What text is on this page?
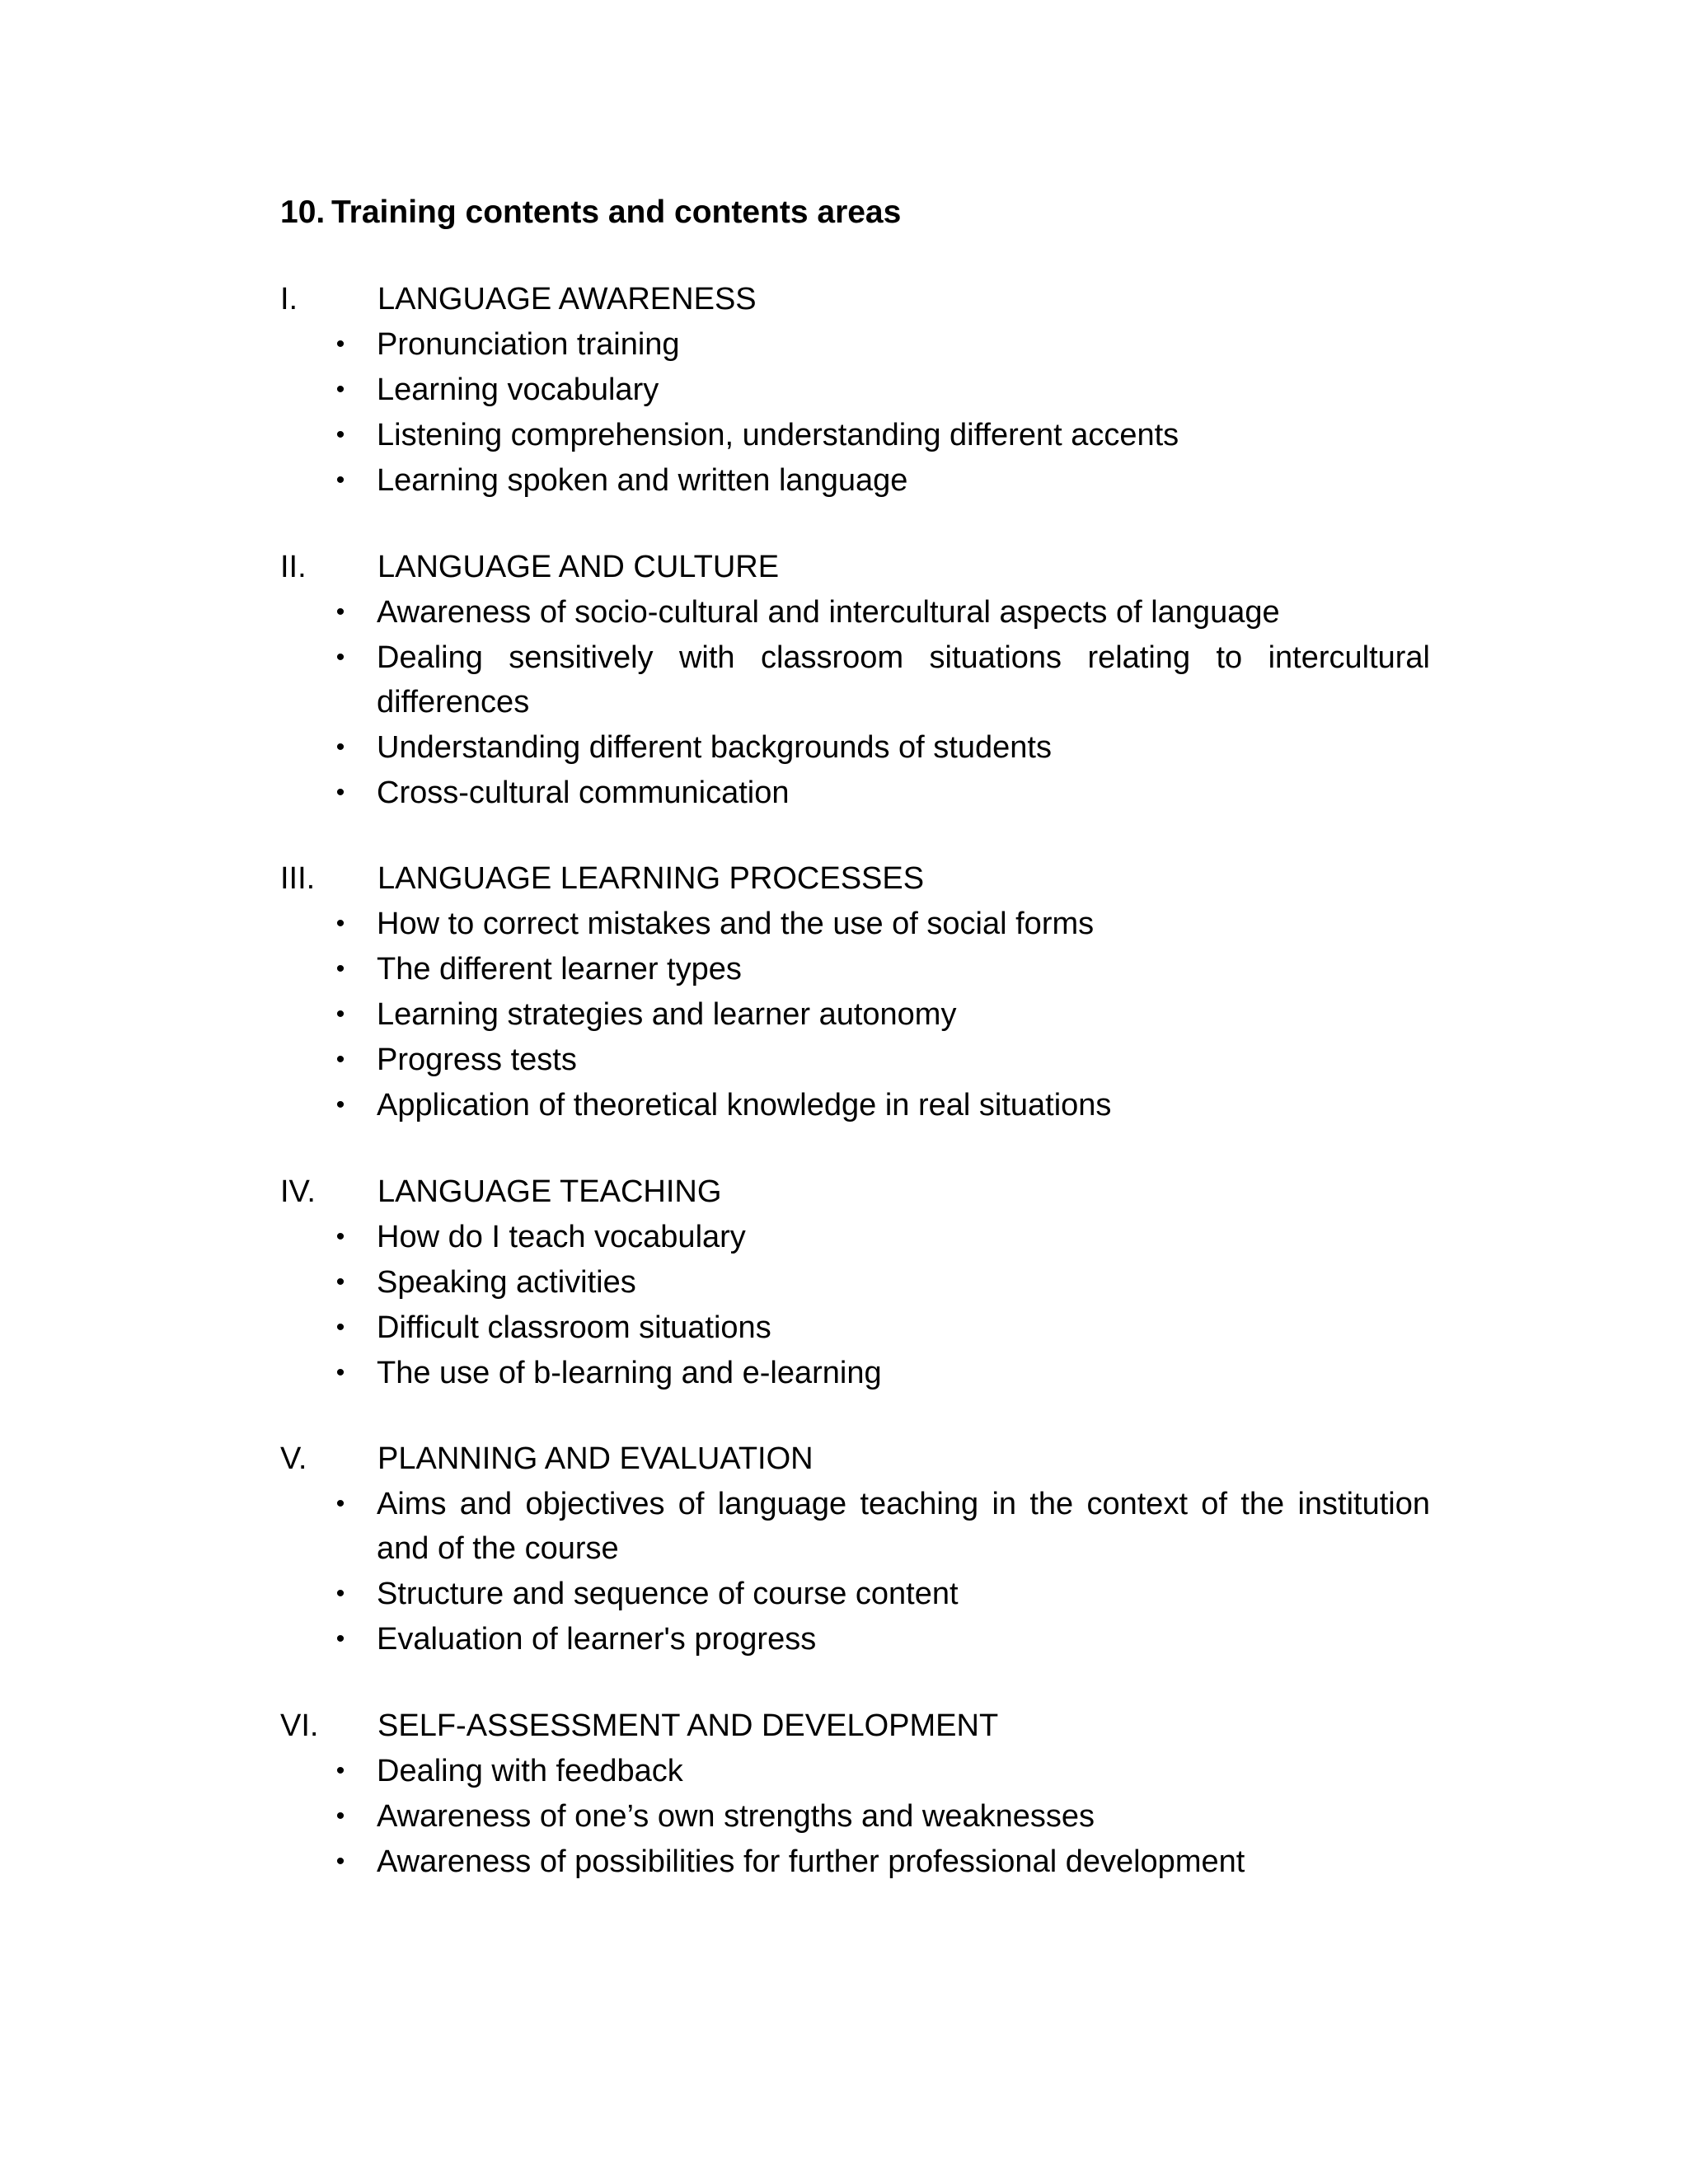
10. Training contents and contents areas
I.	LANGUAGE AWARENESS
• Pronunciation training
• Learning vocabulary
• Listening comprehension, understanding different accents
• Learning spoken and written language
II. LANGUAGE AND CULTURE
• Awareness of socio-cultural and intercultural aspects of language
• Dealing sensitively with classroom situations relating to intercultural differences
• Understanding different backgrounds of students
• Cross-cultural communication
III. LANGUAGE LEARNING PROCESSES
• How to correct mistakes and the use of social forms
• The different learner types
• Learning strategies and learner autonomy
• Progress tests
• Application of theoretical knowledge in real situations
IV. LANGUAGE TEACHING
• How do I teach vocabulary
• Speaking activities
• Difficult classroom situations
• The use of b-learning and e-learning
V. PLANNING AND EVALUATION
• Aims and objectives of language teaching in the context of the institution and of the course
• Structure and sequence of course content
• Evaluation of learner's progress
VI. SELF-ASSESSMENT AND DEVELOPMENT
• Dealing with feedback
• Awareness of one’s own strengths and weaknesses
• Awareness of possibilities for further professional development
